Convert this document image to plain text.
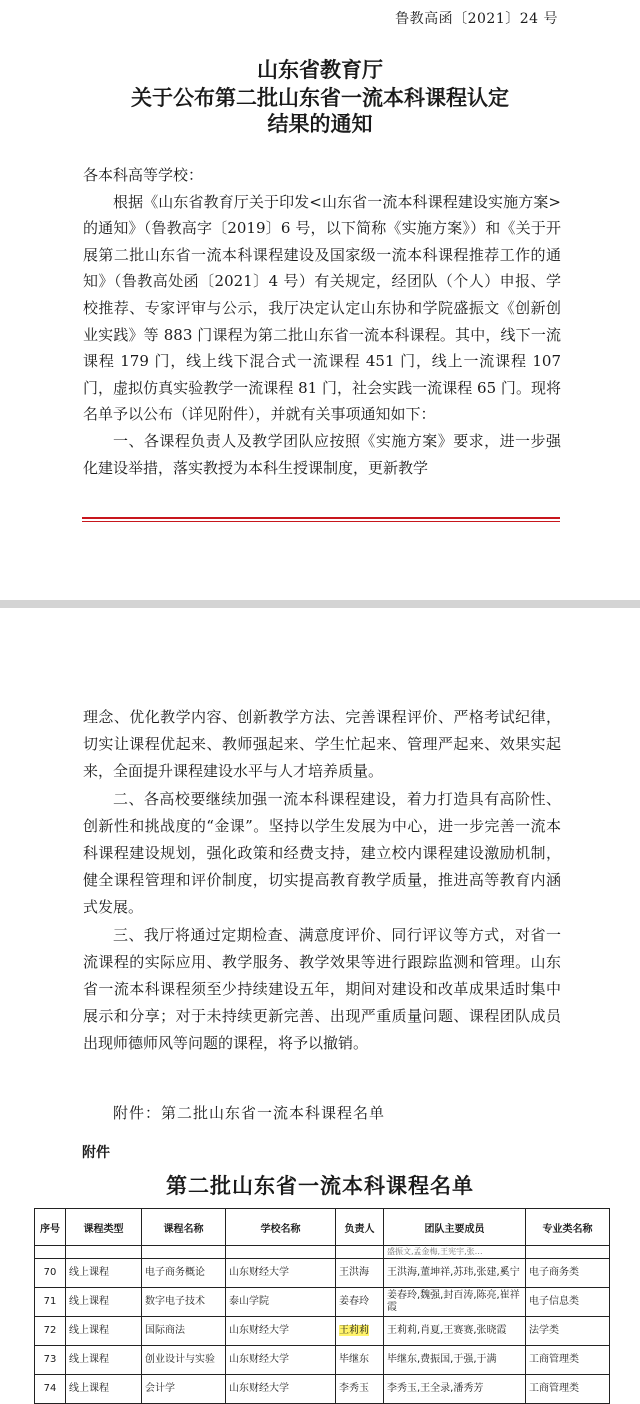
鲁教高函〔2021〕24 号
山东省教育厅
关于公布第二批山东省一流本科课程认定
结果的通知

各本科高等学校：

根据《山东省教育厅关于印发<山东省一流本科课程建设实施方案>的通知》（鲁教高字〔2019〕6 号，以下简称《实施方案》）和《关于开展第二批山东省一流本科课程建设及国家级一流本科课程推荐工作的通知》（鲁教高处函〔2021〕4 号）有关规定，经团队（个人）申报、学校推荐、专家评审与公示，我厅决定认定山东协和学院盛振文《创新创业实践》等 883 门课程为第二批山东省一流本科课程。其中，线下一流课程 179 门，线上线下混合式一流课程 451 门，线上一流课程 107 门，虚拟仿真实验教学一流课程 81 门，社会实践一流课程 65 门。现将名单予以公布（详见附件），并就有关事项通知如下：

一、各课程负责人及教学团队应按照《实施方案》要求，进一步强化建设举措，落实教授为本科生授课制度，更新教学

理念、优化教学内容、创新教学方法、完善课程评价、严格考试纪律，切实让课程优起来、教师强起来、学生忙起来、管理严起来、效果实起来，全面提升课程建设水平与人才培养质量。

二、各高校要继续加强一流本科课程建设，着力打造具有高阶性、创新性和挑战度的“金课”。坚持以学生发展为中心，进一步完善一流本科课程建设规划，强化政策和经费支持，建立校内课程建设激励机制，健全课程管理和评价制度，切实提高教育教学质量，推进高等教育内涵式发展。

三、我厅将通过定期检查、满意度评价、同行评议等方式，对省一流课程的实际应用、教学服务、教学效果等进行跟踪监测和管理。山东省一流本科课程须至少持续建设五年，期间对建设和改革成果适时集中展示和分享；对于未持续更新完善、出现严重质量问题、课程团队成员出现师德师风等问题的课程，将予以撤销。

附件：第二批山东省一流本科课程名单
附件
第二批山东省一流本科课程名单
序号	课程类型	课程名称	学校名称	负责人	团队主要成员	专业类名称
					盛振文,孟金梅,王宪宇,张…	
70	线上课程	电子商务概论	山东财经大学	王洪海	王洪海,董坤祥,苏玮,张建,奚宁	电子商务类
71	线上课程	数字电子技术	泰山学院	姜春玲	姜春玲,魏强,封百涛,陈亮,崔祥霞	电子信息类
72	线上课程	国际商法	山东财经大学	王莉莉	王莉莉,肖夏,王赛赛,张晓霞	法学类
73	线上课程	创业设计与实验	山东财经大学	毕继东	毕继东,费振国,于强,于满	工商管理类
74	线上课程	会计学	山东财经大学	李秀玉	李秀玉,王全录,潘秀芳	工商管理类
